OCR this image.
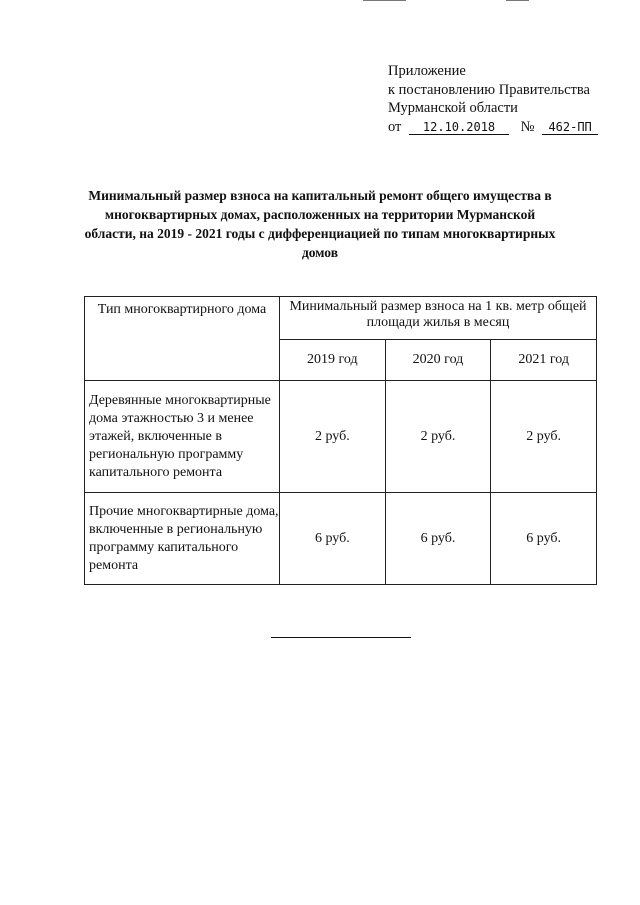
Приложение
к постановлению Правительства
Мурманской области
от 12.10.2018 № 462-ПП
Минимальный размер взноса на капитальный ремонт общего имущества в многоквартирных домах, расположенных на территории Мурманской области, на 2019 - 2021 годы с дифференциацией по типам многоквартирных домов
Тип многоквартирного дома	Минимальный размер взноса на 1 кв. метр общей площади жилья в месяц		
	2019 год	2020 год	2021 год
Деревянные многоквартирные дома этажностью 3 и менее этажей, включенные в региональную программу капитального ремонта	2 руб.	2 руб.	2 руб.
Прочие многоквартирные дома, включенные в региональную программу капитального ремонта	6 руб.	6 руб.	6 руб.
